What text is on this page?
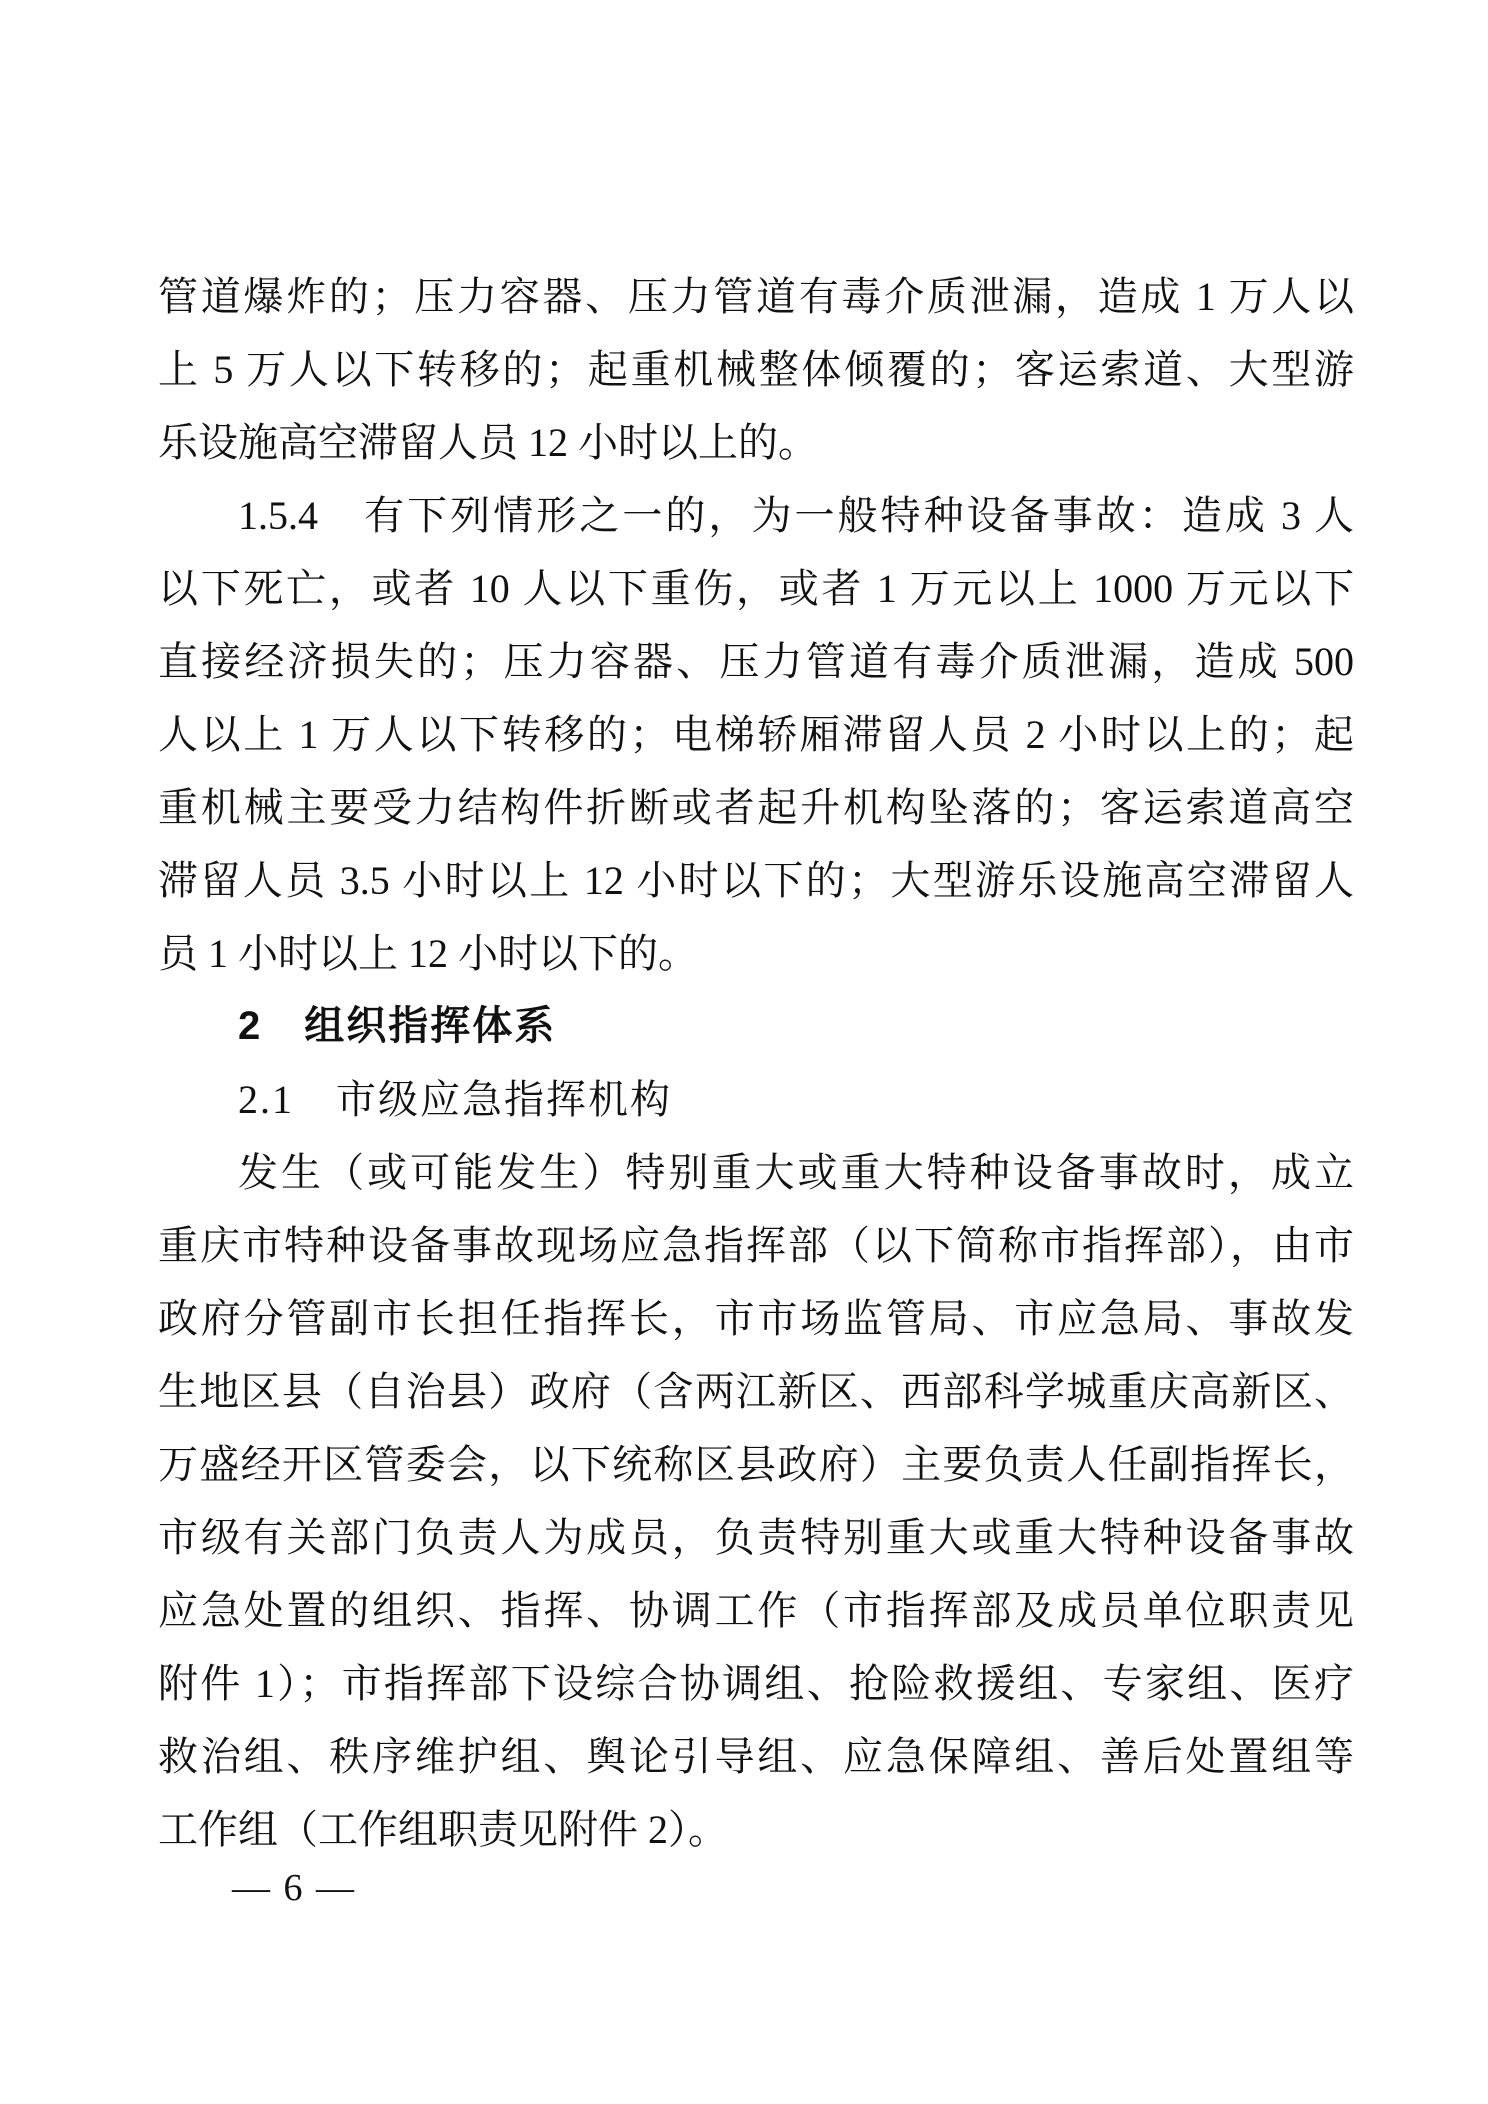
管道爆炸的；压力容器、压力管道有毒介质泄漏，造成 1 万人以
上 5 万人以下转移的；起重机械整体倾覆的；客运索道、大型游
乐设施高空滞留人员 12 小时以上的。
1.5.4　有下列情形之一的，为一般特种设备事故：造成 3 人
以下死亡，或者 10 人以下重伤，或者 1 万元以上 1000 万元以下
直接经济损失的；压力容器、压力管道有毒介质泄漏，造成 500
人以上 1 万人以下转移的；电梯轿厢滞留人员 2 小时以上的；起
重机械主要受力结构件折断或者起升机构坠落的；客运索道高空
滞留人员 3.5 小时以上 12 小时以下的；大型游乐设施高空滞留人
员 1 小时以上 12 小时以下的。
2　组织指挥体系
2.1　市级应急指挥机构
发生（或可能发生）特别重大或重大特种设备事故时，成立
重庆市特种设备事故现场应急指挥部（以下简称市指挥部），由市
政府分管副市长担任指挥长，市市场监管局、市应急局、事故发
生地区县（自治县）政府（含两江新区、西部科学城重庆高新区、
万盛经开区管委会，以下统称区县政府）主要负责人任副指挥长，
市级有关部门负责人为成员，负责特别重大或重大特种设备事故
应急处置的组织、指挥、协调工作（市指挥部及成员单位职责见
附件 1）；市指挥部下设综合协调组、抢险救援组、专家组、医疗
救治组、秩序维护组、舆论引导组、应急保障组、善后处置组等
工作组（工作组职责见附件 2）。
— 6 —
